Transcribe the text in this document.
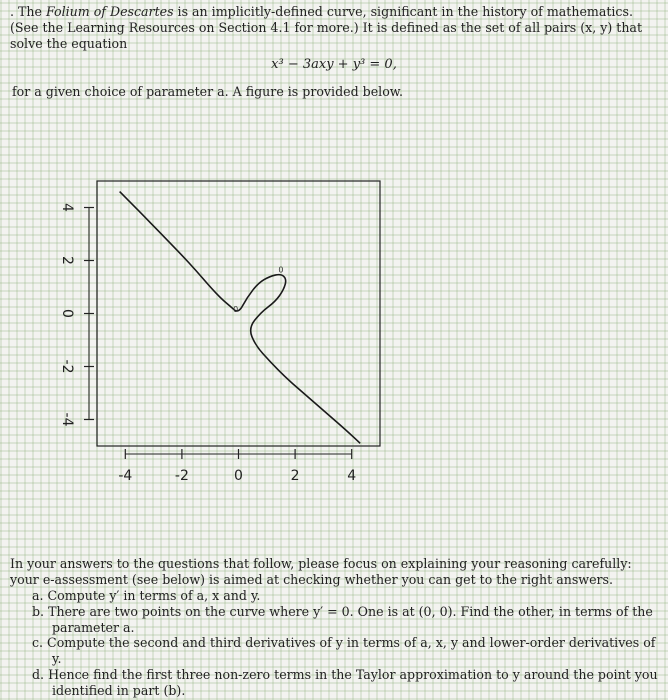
. The Folium of Descartes is an implicitly-defined curve, significant in the history of mathematics. (See the Learning Resources on Section 4.1 for more.) It is defined as the set of all pairs (x, y) that solve the equation

x³ − 3axy + y³ = 0,

for a given choice of parameter a. A figure is provided below.

-4	-2	0	2	4
-4
-2
0
2
4
0
0
In your answers to the questions that follow, please focus on explaining your reasoning carefully: your e-assessment (see below) is aimed at checking whether you can get to the right answers.
a. Compute y′ in terms of a, x and y.
b. There are two points on the curve where y′ = 0. One is at (0, 0). Find the other, in terms of the parameter a.
c. Compute the second and third derivatives of y in terms of a, x, y and lower-order derivatives of y.
d. Hence find the first three non-zero terms in the Taylor approximation to y around the point you identified in part (b).
